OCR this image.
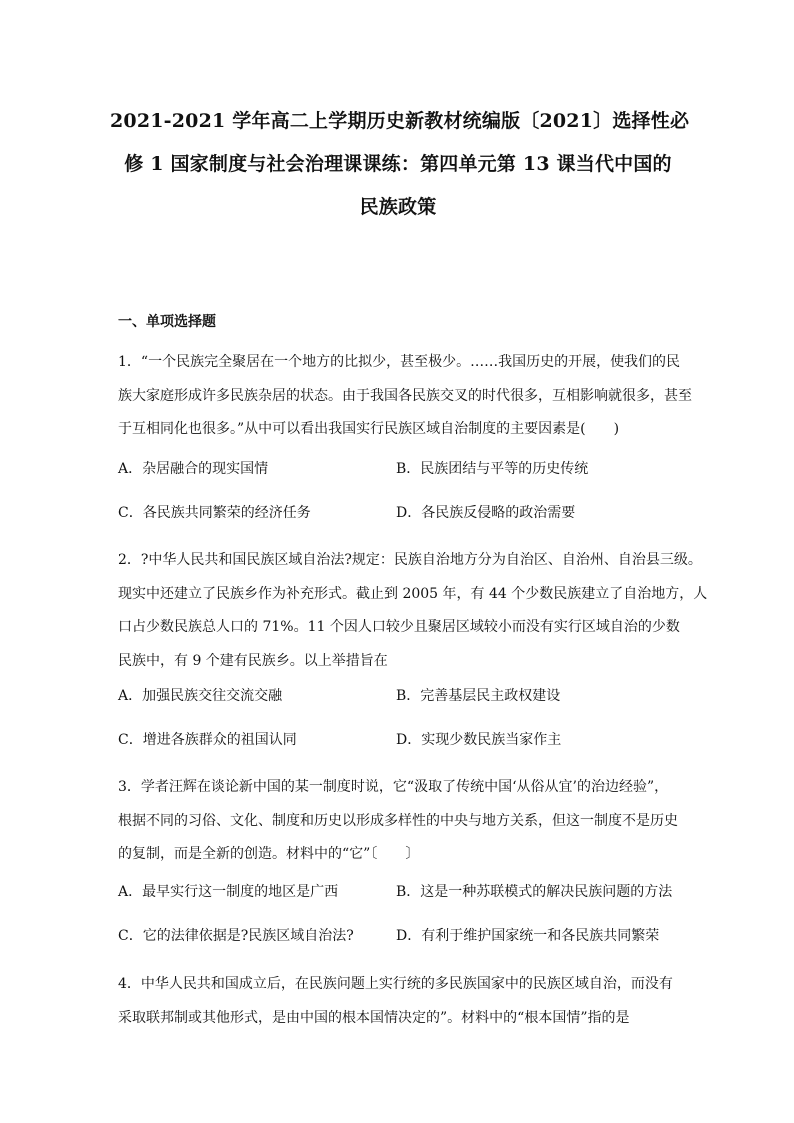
2021-2021 学年高二上学期历史新教材统编版〔2021〕选择性必
修 1 国家制度与社会治理课课练：第四单元第 13 课当代中国的
民族政策
一、单项选择题
1．“一个民族完全聚居在一个地方的比拟少，甚至极少。……我国历史的开展，使我们的民
族大家庭形成许多民族杂居的状态。由于我国各民族交叉的时代很多，互相影响就很多，甚至
于互相同化也很多。”从中可以看出我国实行民族区域自治制度的主要因素是(　　)
A．杂居融合的现实国情	B．民族团结与平等的历史传统
C．各民族共同繁荣的经济任务	D．各民族反侵略的政治需要
2．?中华人民共和国民族区域自治法?规定：民族自治地方分为自治区、自治州、自治县三级。
现实中还建立了民族乡作为补充形式。截止到 2005 年，有 44 个少数民族建立了自治地方，人
口占少数民族总人口的 71%。11 个因人口较少且聚居区域较小而没有实行区域自治的少数
民族中，有 9 个建有民族乡。以上举措旨在
A．加强民族交往交流交融	B．完善基层民主政权建设
C．增进各族群众的祖国认同	D．实现少数民族当家作主
3．学者汪辉在谈论新中国的某一制度时说，它“汲取了传统中国‘从俗从宜’的治边经验”，
根据不同的习俗、文化、制度和历史以形成多样性的中央与地方关系，但这一制度不是历史
的复制，而是全新的创造。材料中的“它”〔　　〕
A．最早实行这一制度的地区是广西	B．这是一种苏联模式的解决民族问题的方法
C．它的法律依据是?民族区域自治法?	D．有利于维护国家统一和各民族共同繁荣
4．中华人民共和国成立后，在民族问题上实行统的多民族国家中的民族区域自治，而没有
采取联邦制或其他形式，是由中国的根本国情决定的”。材料中的“根本国情”指的是
